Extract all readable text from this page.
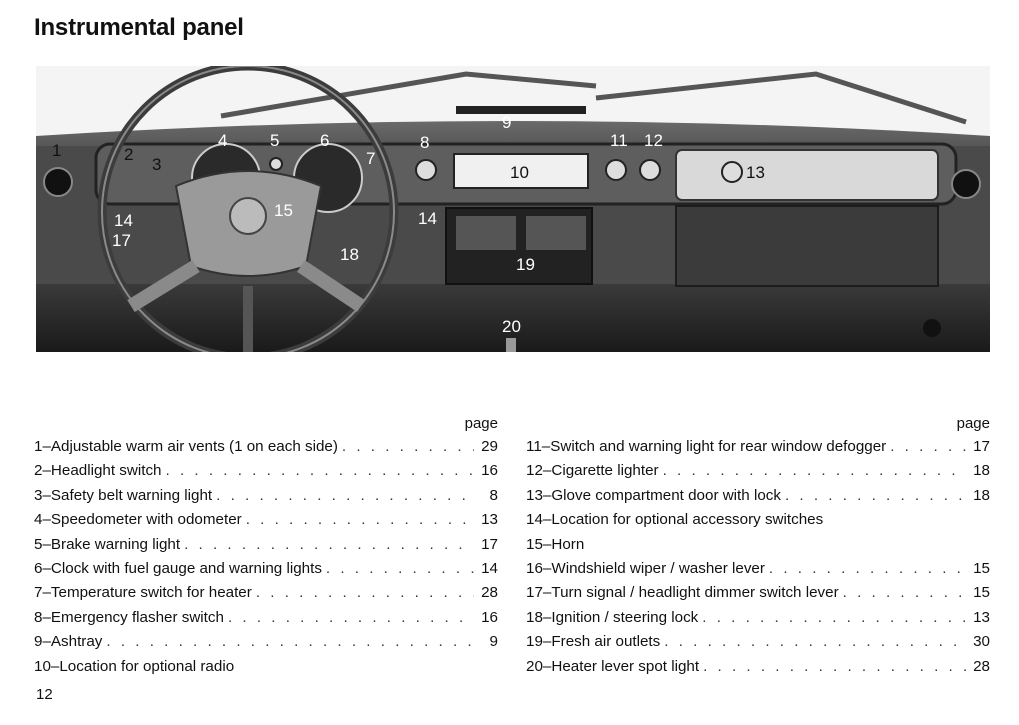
Instrumental panel
1	2
3
4	5 6
7
8
9
10
11 12
13
14	14
15
17
18
19
20
page
1 – Adjustable warm air vents (1 on each side) . . .	29
2 – Headlight switch . . .	16
3 – Safety belt warning light . . .	8
4 – Speedometer with odometer . . .	13
5 – Brake warning light . . .	17
6 – Clock with fuel gauge and warning lights . . .	14
7 – Temperature switch for heater . . .	28
8 – Emergency flasher switch . . .	16
9 – Ashtray . . .	9
10 – Location for optional radio
page
11 – Switch and warning light for rear window defogger . . .	17
12 – Cigarette lighter . . .	18
13 – Glove compartment door with lock . . .	18
14 – Location for optional accessory switches
15 – Horn
16 – Windshield wiper / washer lever . . .	15
17 – Turn signal / headlight dimmer switch lever . . .	15
18 – Ignition / steering lock . . .	13
19 – Fresh air outlets . . .	30
20 – Heater lever spot light . . .	28
12
